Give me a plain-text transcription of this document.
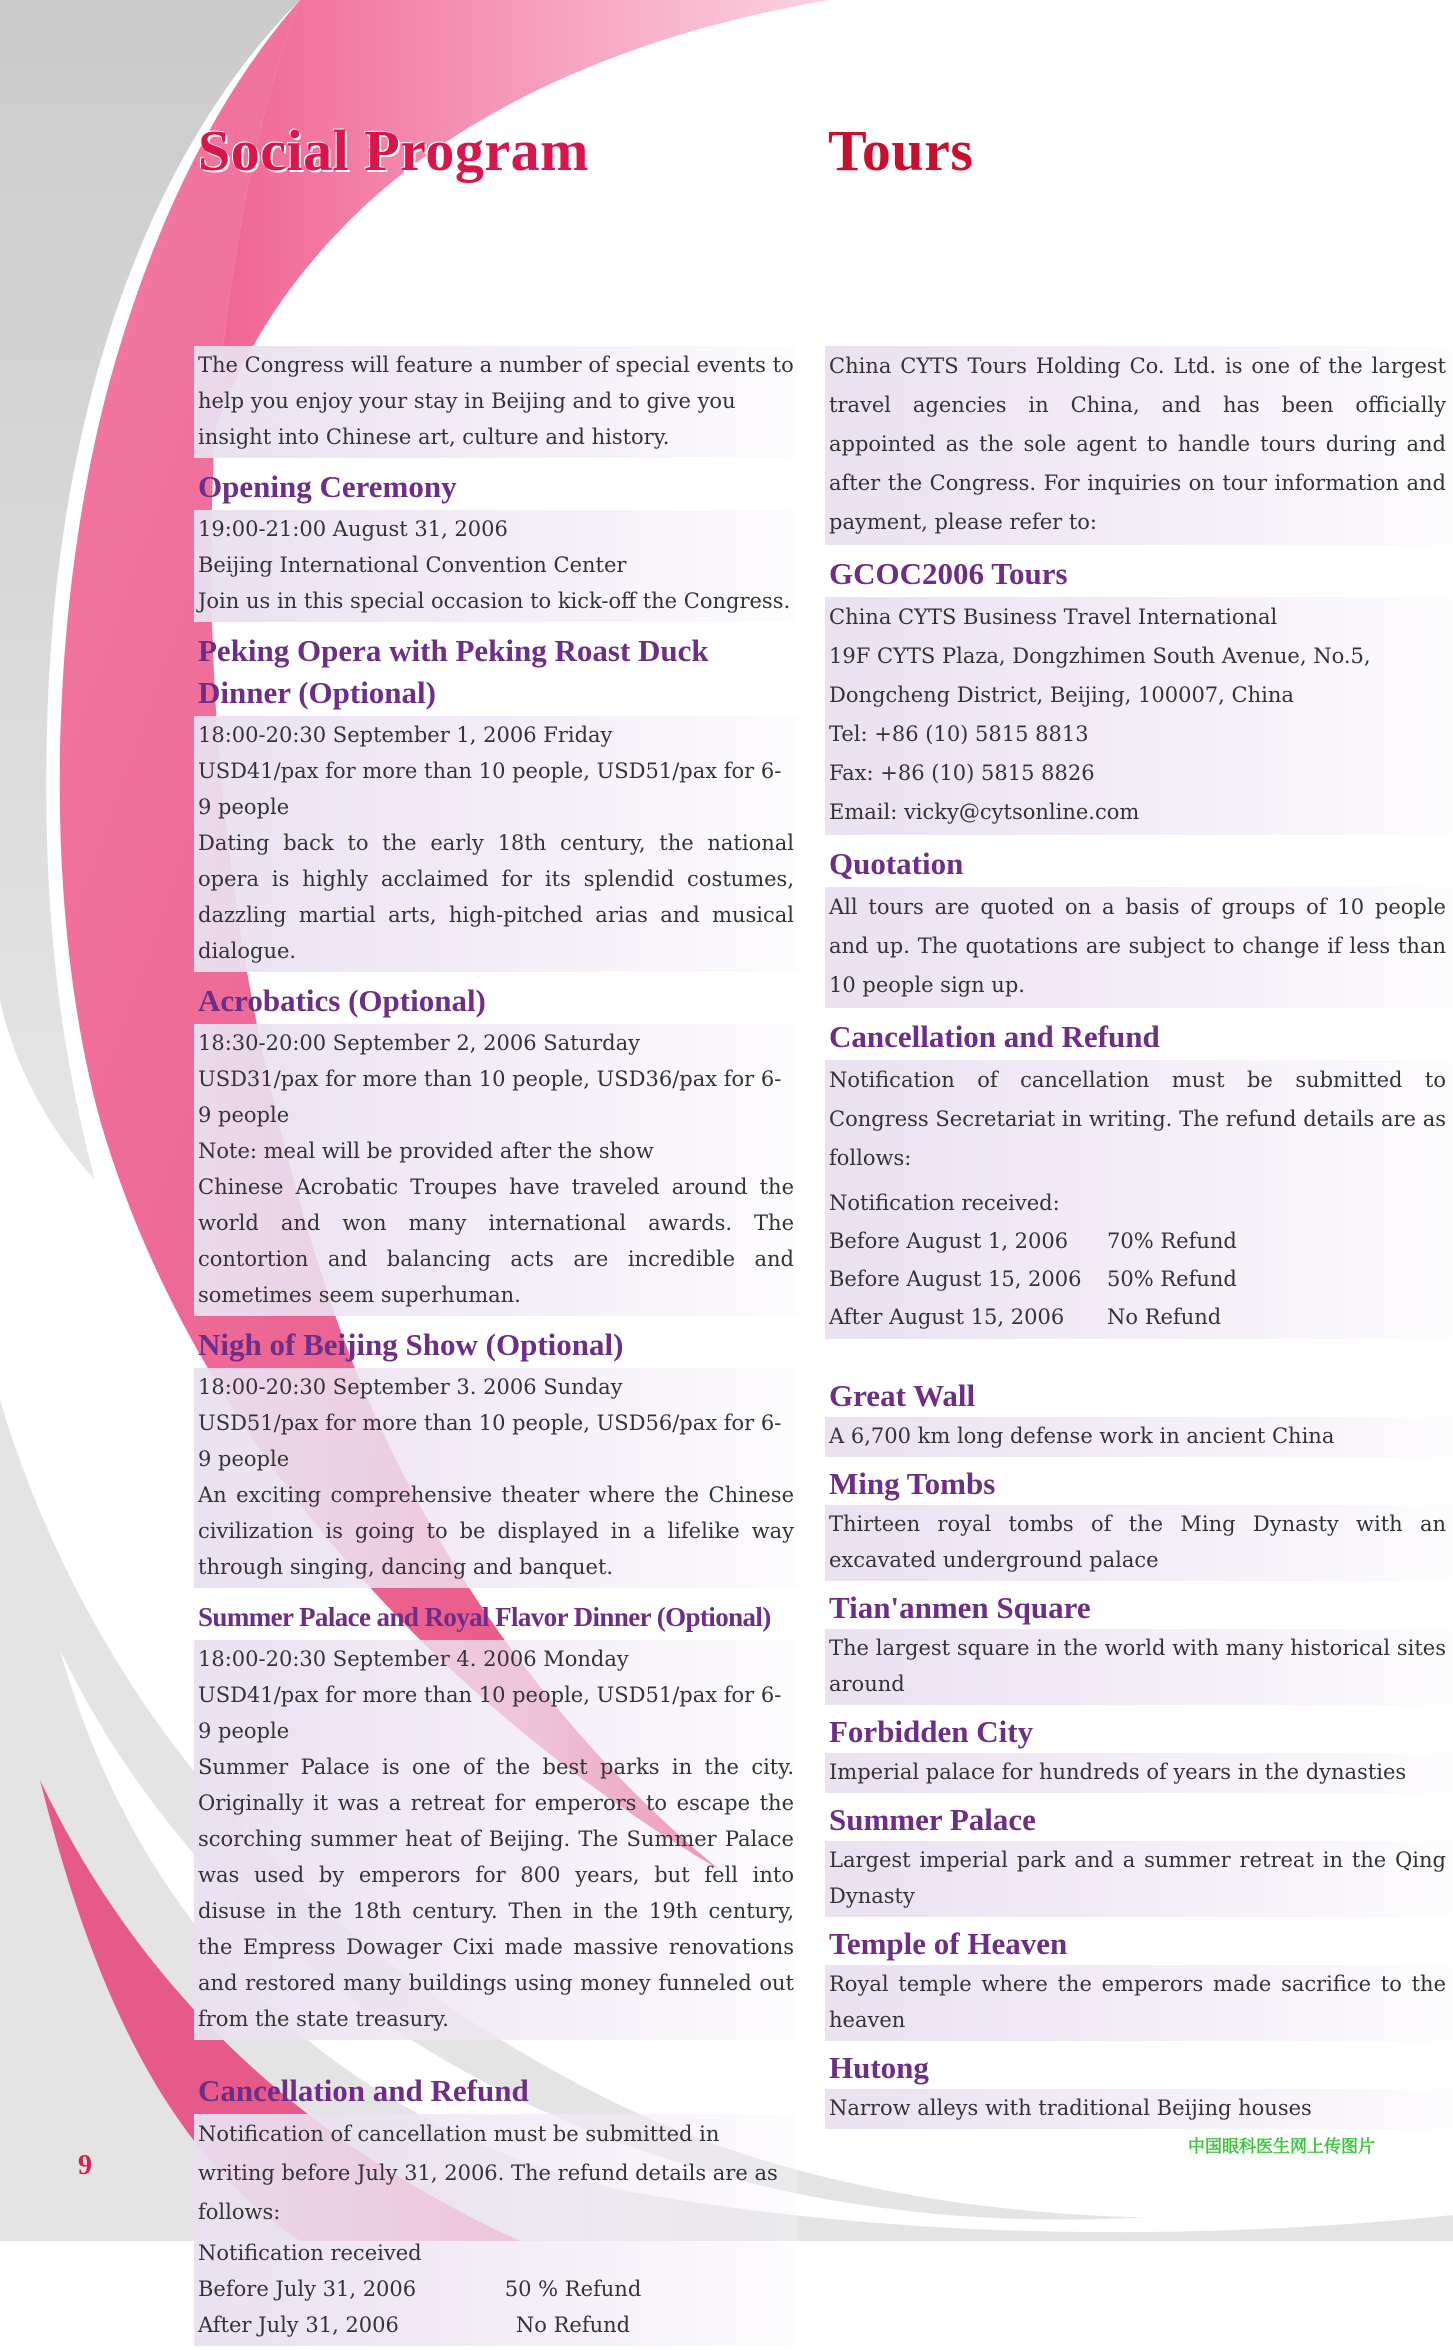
Social Program	Tours

The Congress will feature a number of special events to help you enjoy your stay in Beijing and to give you insight into Chinese art, culture and history.

Opening Ceremony

19:00-21:00 August 31, 2006

Beijing International Convention Center

Join us in this special occasion to kick-off the Congress.

Peking Opera with Peking Roast Duck Dinner (Optional)

18:00-20:30 September 1, 2006 Friday

USD41/pax for more than 10 people, USD51/pax for 6-9 people

Dating back to the early 18th century, the national opera is highly acclaimed for its splendid costumes, dazzling martial arts, high-pitched arias and musical dialogue.

Acrobatics (Optional)

18:30-20:00 September 2, 2006 Saturday

USD31/pax for more than 10 people, USD36/pax for 6-9 people

Note: meal will be provided after the show

Chinese Acrobatic Troupes have traveled around the world and won many international awards. The contortion and balancing acts are incredible and sometimes seem superhuman.

Nigh of Beijing Show (Optional)

18:00-20:30 September 3. 2006 Sunday

USD51/pax for more than 10 people, USD56/pax for 6-9 people

An exciting comprehensive theater where the Chinese civilization is going to be displayed in a lifelike way through singing, dancing and banquet.

Summer Palace and Royal Flavor Dinner (Optional)

18:00-20:30 September 4. 2006 Monday

USD41/pax for more than 10 people, USD51/pax for 6-9 people

Summer Palace is one of the best parks in the city. Originally it was a retreat for emperors to escape the scorching summer heat of Beijing. The Summer Palace was used by emperors for 800 years, but fell into disuse in the 18th century. Then in the 19th century, the Empress Dowager Cixi made massive renovations and restored many buildings using money funneled out from the state treasury.

Cancellation and Refund

Notification of cancellation must be submitted in writing before July 31, 2006. The refund details are as follows:

Notification received

Before July 31, 2006	50 % Refund
After July 31, 2006	No Refund

China CYTS Tours Holding Co. Ltd. is one of the largest travel agencies in China, and has been officially appointed as the sole agent to handle tours during and after the Congress. For inquiries on tour information and payment, please refer to:

GCOC2006 Tours

China CYTS Business Travel International

19F CYTS Plaza, Dongzhimen South Avenue, No.5,

Dongcheng District, Beijing, 100007, China

Tel: +86 (10) 5815 8813

Fax: +86 (10) 5815 8826

Email: vicky@cytsonline.com

Quotation

All tours are quoted on a basis of groups of 10 people and up. The quotations are subject to change if less than 10 people sign up.

Cancellation and Refund

Notification of cancellation must be submitted to Congress Secretariat in writing. The refund details are as follows:

Notification received:

Before August 1, 2006	70% Refund
Before August 15, 2006	50% Refund
After August 15, 2006	No Refund
Great Wall

A 6,700 km long defense work in ancient China

Ming Tombs

Thirteen royal tombs of the Ming Dynasty with an excavated underground palace

Tian'anmen Square

The largest square in the world with many historical sites around

Forbidden City

Imperial palace for hundreds of years in the dynasties

Summer Palace

Largest imperial park and a summer retreat in the Qing Dynasty

Temple of Heaven

Royal temple where the emperors made sacrifice to the heaven

Hutong

Narrow alleys with traditional Beijing houses

9
中国眼科医生网上传图片
